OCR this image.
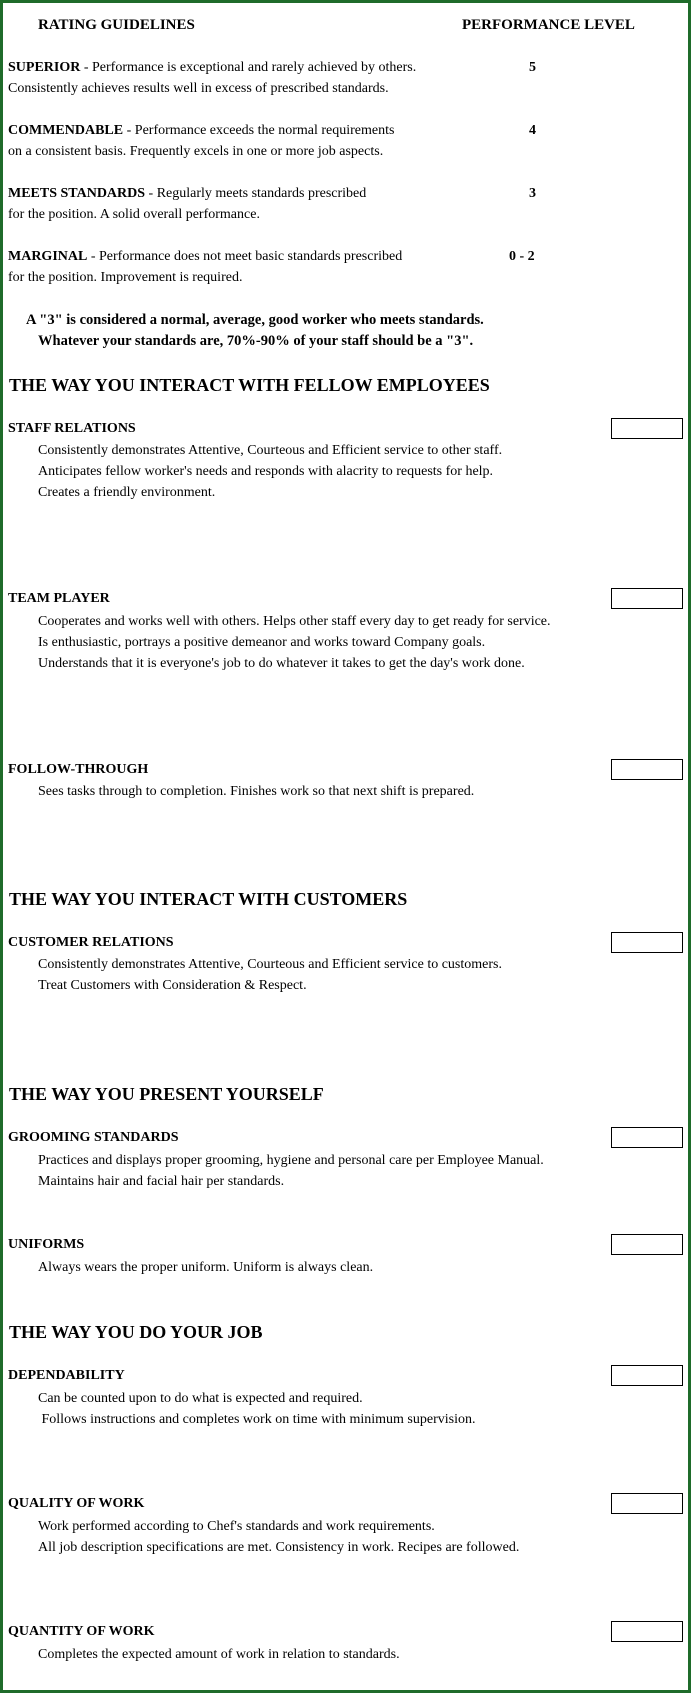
RATING GUIDELINES	PERFORMANCE LEVEL
SUPERIOR - Performance is exceptional and rarely achieved by others.
Consistently achieves results well in excess of prescribed standards.
5
COMMENDABLE - Performance exceeds the normal requirements
on a consistent basis. Frequently excels in one or more job aspects.
4
MEETS STANDARDS - Regularly meets standards prescribed
for the position. A solid overall performance.
3
MARGINAL - Performance does not meet basic standards prescribed
for the position. Improvement is required.
0 - 2
A "3" is considered a normal, average, good worker who meets standards.
Whatever your standards are, 70%-90% of your staff should be a "3".
THE WAY YOU INTERACT WITH FELLOW EMPLOYEES
STAFF RELATIONS
Consistently demonstrates Attentive, Courteous and Efficient service to other staff.
Anticipates fellow worker's needs and responds with alacrity to requests for help.
Creates a friendly environment.
TEAM PLAYER
Cooperates and works well with others. Helps other staff every day to get ready for service.
Is enthusiastic, portrays a positive demeanor and works toward Company goals.
Understands that it is everyone's job to do whatever it takes to get the day's work done.
FOLLOW-THROUGH
Sees tasks through to completion. Finishes work so that next shift is prepared.
THE WAY YOU INTERACT WITH CUSTOMERS
CUSTOMER RELATIONS
Consistently demonstrates Attentive, Courteous and Efficient service to customers.
Treat Customers with Consideration & Respect.
THE WAY YOU PRESENT YOURSELF
GROOMING STANDARDS
Practices and displays proper grooming, hygiene and personal care per Employee Manual.
Maintains hair and facial hair per standards.
UNIFORMS
Always wears the proper uniform. Uniform is always clean.
THE WAY YOU DO YOUR JOB
DEPENDABILITY
Can be counted upon to do what is expected and required.
Follows instructions and completes work on time with minimum supervision.
QUALITY OF WORK
Work performed according to Chef's standards and work requirements.
All job description specifications are met. Consistency in work. Recipes are followed.
QUANTITY OF WORK
Completes the expected amount of work in relation to standards.
